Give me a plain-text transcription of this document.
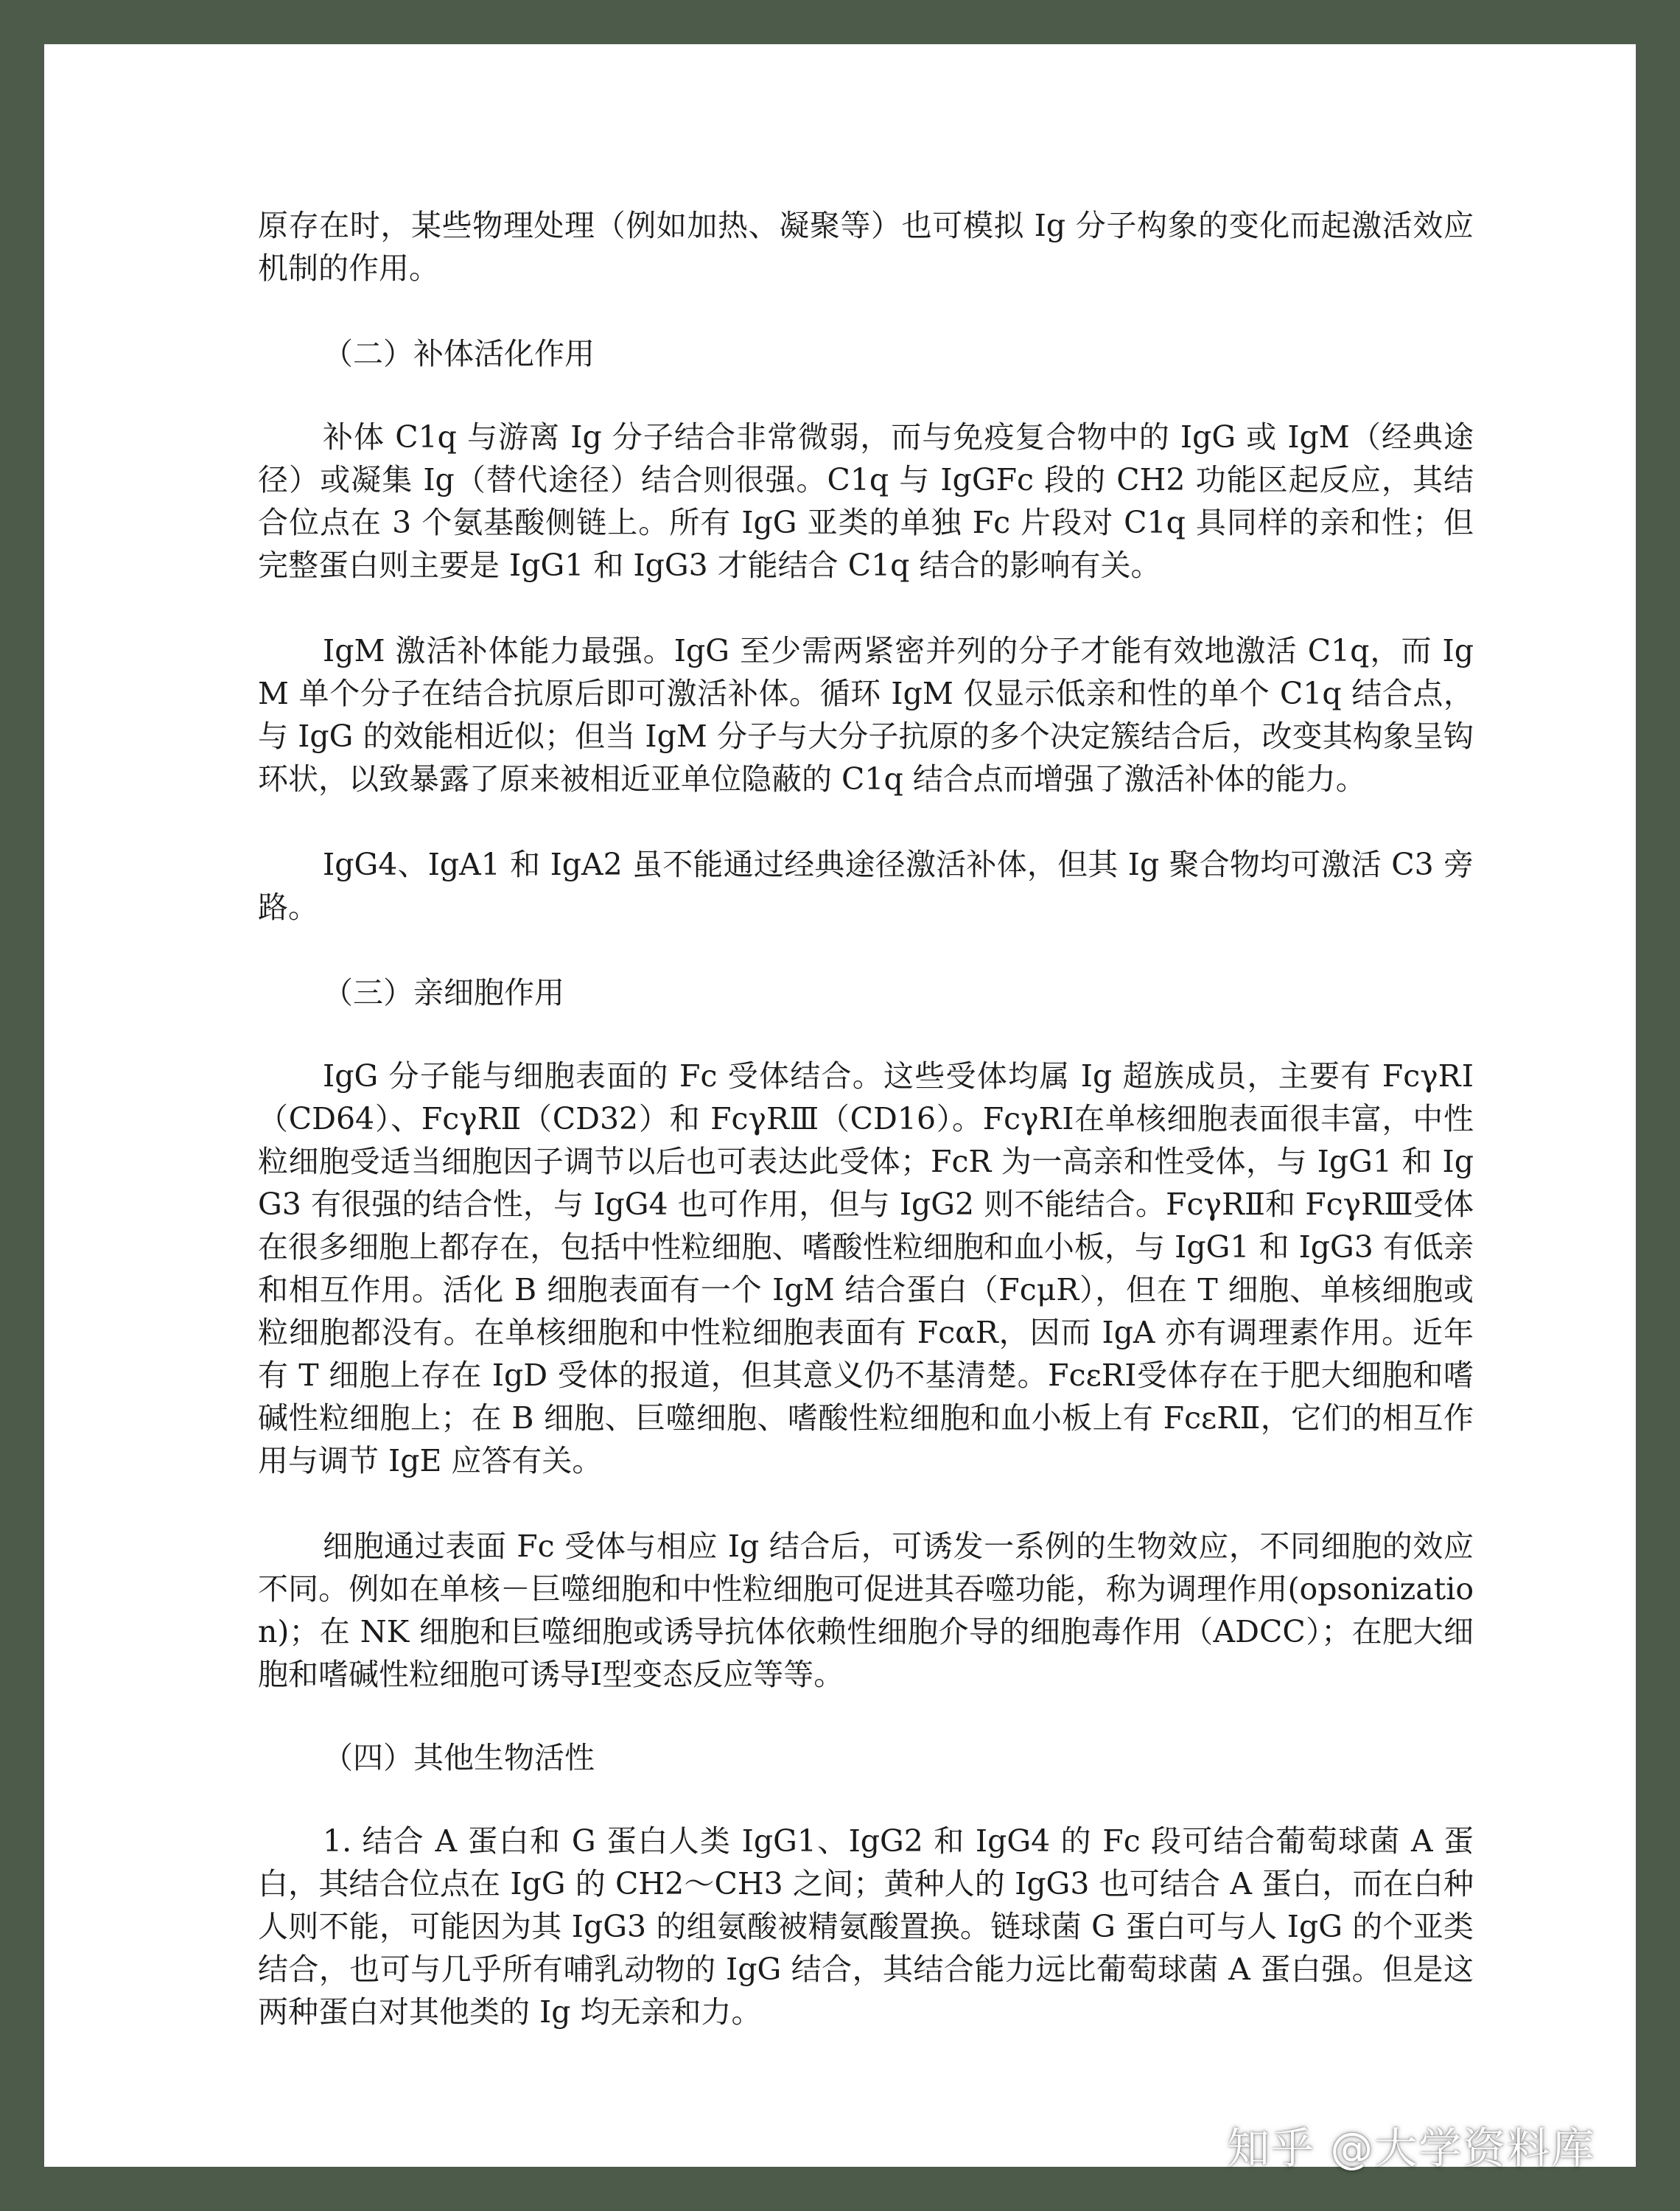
原存在时，某些物理处理（例如加热、凝聚等）也可模拟 Ig 分子构象的变化而起激活效应机制的作用。

（二）补体活化作用

补体 C1q 与游离 Ig 分子结合非常微弱，而与免疫复合物中的 IgG 或 IgM（经典途径）或凝集 Ig（替代途径）结合则很强。C1q 与 IgGFc 段的 CH2 功能区起反应，其结合位点在 3 个氨基酸侧链上。所有 IgG 亚类的单独 Fc 片段对 C1q 具同样的亲和性；但完整蛋白则主要是 IgG1 和 IgG3 才能结合 C1q 结合的影响有关。

IgM 激活补体能力最强。IgG 至少需两紧密并列的分子才能有效地激活 C1q，而 IgM 单个分子在结合抗原后即可激活补体。循环 IgM 仅显示低亲和性的单个 C1q 结合点，与 IgG 的效能相近似；但当 IgM 分子与大分子抗原的多个决定簇结合后，改变其构象呈钩环状，以致暴露了原来被相近亚单位隐蔽的 C1q 结合点而增强了激活补体的能力。

IgG4、IgA1 和 IgA2 虽不能通过经典途径激活补体，但其 Ig 聚合物均可激活 C3 旁路。

（三）亲细胞作用

IgG 分子能与细胞表面的 Fc 受体结合。这些受体均属 Ig 超族成员，主要有 FcγRⅠ（CD64）、FcγRⅡ（CD32）和 FcγRⅢ（CD16）。FcγRⅠ在单核细胞表面很丰富，中性粒细胞受适当细胞因子调节以后也可表达此受体；FcR 为一高亲和性受体，与 IgG1 和 IgG3 有很强的结合性，与 IgG4 也可作用，但与 IgG2 则不能结合。FcγRⅡ和 FcγRⅢ受体在很多细胞上都存在，包括中性粒细胞、嗜酸性粒细胞和血小板，与 IgG1 和 IgG3 有低亲和相互作用。活化 B 细胞表面有一个 IgM 结合蛋白（FcμR），但在 T 细胞、单核细胞或粒细胞都没有。在单核细胞和中性粒细胞表面有 FcαR，因而 IgA 亦有调理素作用。近年有 T 细胞上存在 IgD 受体的报道，但其意义仍不基清楚。FcεRⅠ受体存在于肥大细胞和嗜碱性粒细胞上；在 B 细胞、巨噬细胞、嗜酸性粒细胞和血小板上有 FcεRⅡ，它们的相互作用与调节 IgE 应答有关。

细胞通过表面 Fc 受体与相应 Ig 结合后，可诱发一系例的生物效应，不同细胞的效应不同。例如在单核－巨噬细胞和中性粒细胞可促进其吞噬功能，称为调理作用(opsonization)；在 NK 细胞和巨噬细胞或诱导抗体依赖性细胞介导的细胞毒作用（ADCC）；在肥大细胞和嗜碱性粒细胞可诱导Ⅰ型变态反应等等。

（四）其他生物活性

1. 结合 A 蛋白和 G 蛋白人类 IgG1、IgG2 和 IgG4 的 Fc 段可结合葡萄球菌 A 蛋白，其结合位点在 IgG 的 CH2～CH3 之间；黄种人的 IgG3 也可结合 A 蛋白，而在白种人则不能，可能因为其 IgG3 的组氨酸被精氨酸置换。链球菌 G 蛋白可与人 IgG 的个亚类结合，也可与几乎所有哺乳动物的 IgG 结合，其结合能力远比葡萄球菌 A 蛋白强。但是这两种蛋白对其他类的 Ig 均无亲和力。

知乎 @大学资料库
